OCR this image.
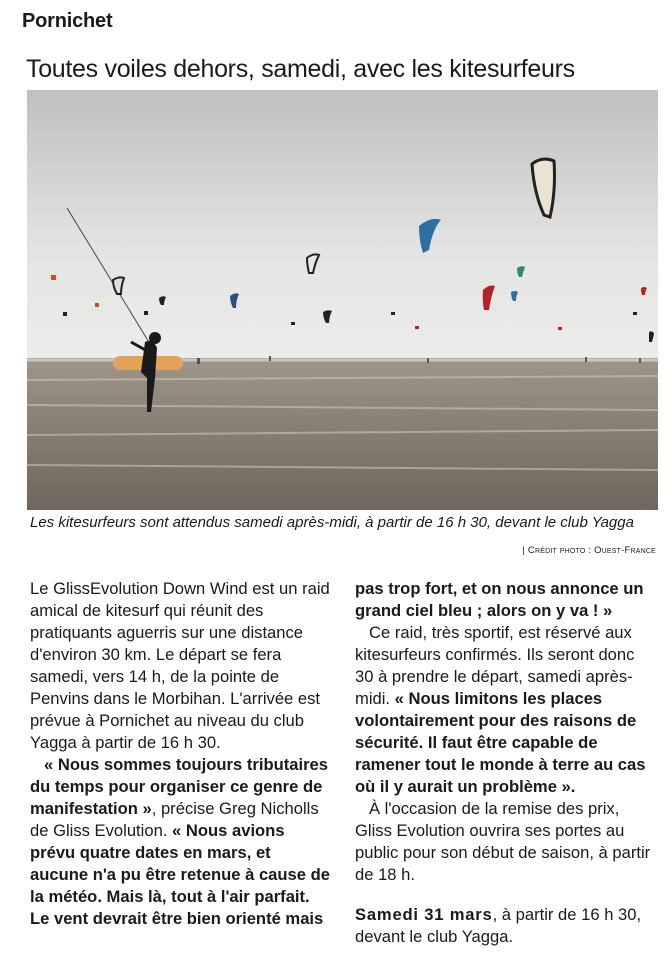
Pornichet
Toutes voiles dehors, samedi, avec les kitesurfeurs
Les kitesurfeurs sont attendus samedi après-midi, à partir de 16 h 30, devant le club Yagga
| Crédit photo : Ouest-France

Le GlissEvolution Down Wind est un raid amical de kitesurf qui réunit des pratiquants aguerris sur une distance d'environ 30 km. Le départ se fera samedi, vers 14 h, de la pointe de Penvins dans le Morbihan. L'arrivée est prévue à Pornichet au niveau du club Yagga à partir de 16 h 30.

« Nous sommes toujours tributaires du temps pour organiser ce genre de manifestation », précise Greg Nicholls de Gliss Evolution. « Nous avions prévu quatre dates en mars, et aucune n'a pu être retenue à cause de la météo. Mais là, tout à l'air parfait. Le vent devrait être bien orienté mais

pas trop fort, et on nous annonce un grand ciel bleu ; alors on y va ! »

Ce raid, très sportif, est réservé aux kitesurfeurs confirmés. Ils seront donc 30 à prendre le départ, samedi après-midi. « Nous limitons les places volontairement pour des raisons de sécurité. Il faut être capable de ramener tout le monde à terre au cas où il y aurait un problème ».

À l'occasion de la remise des prix, Gliss Evolution ouvrira ses portes au public pour son début de saison, à partir de 18 h.

Samedi 31 mars, à partir de 16 h 30, devant le club Yagga.
